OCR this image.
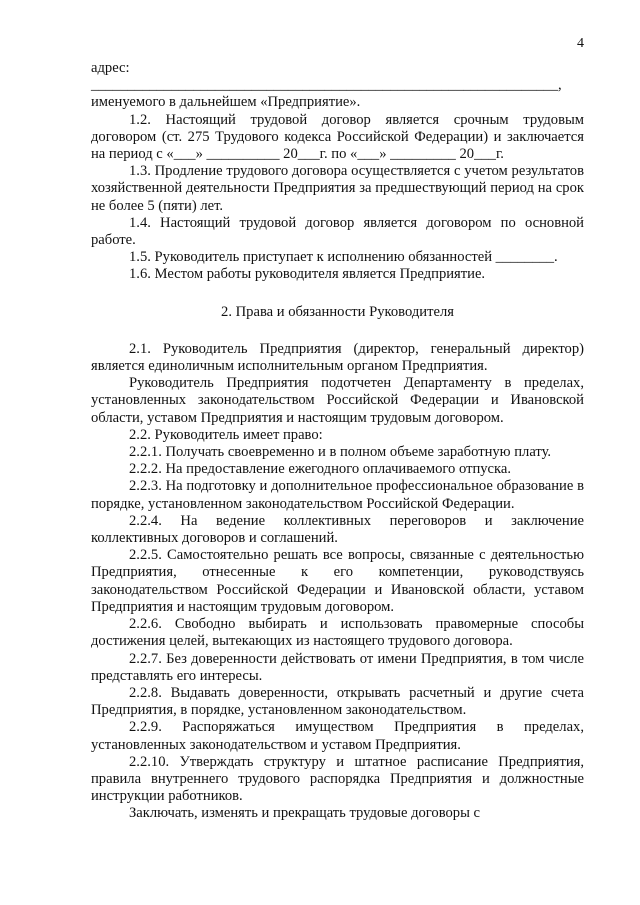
4

адрес: ________________________________________________________________,

именуемого в дальнейшем «Предприятие».

1.2. Настоящий трудовой договор является срочным трудовым договором (ст. 275 Трудового кодекса Российской Федерации) и заключается на период с «___» __________ 20___г. по «___» _________ 20___г.

1.3. Продление трудового договора осуществляется с учетом результатов хозяйственной деятельности Предприятия за предшествующий период на срок не более 5 (пяти) лет.

1.4. Настоящий трудовой договор является договором по основной работе.

1.5. Руководитель приступает к исполнению обязанностей ________.

1.6. Местом работы руководителя является Предприятие.

2. Права и обязанности Руководителя

2.1. Руководитель Предприятия (директор, генеральный директор) является единоличным исполнительным органом Предприятия.

Руководитель Предприятия подотчетен Департаменту в пределах, установленных законодательством Российской Федерации и Ивановской области, уставом Предприятия и настоящим трудовым договором.

2.2. Руководитель имеет право:

2.2.1. Получать своевременно и в полном объеме заработную плату.

2.2.2. На предоставление ежегодного оплачиваемого отпуска.

2.2.3. На подготовку и дополнительное профессиональное образование в порядке, установленном законодательством Российской Федерации.

2.2.4. На ведение коллективных переговоров и заключение коллективных договоров и соглашений.

2.2.5. Самостоятельно решать все вопросы, связанные с деятельностью Предприятия, отнесенные к его компетенции, руководствуясь законодательством Российской Федерации и Ивановской области, уставом Предприятия и настоящим трудовым договором.

2.2.6. Свободно выбирать и использовать правомерные способы достижения целей, вытекающих из настоящего трудового договора.

2.2.7. Без доверенности действовать от имени Предприятия, в том числе представлять его интересы.

2.2.8. Выдавать доверенности, открывать расчетный и другие счета Предприятия, в порядке, установленном законодательством.

2.2.9. Распоряжаться имуществом Предприятия в пределах, установленных законодательством и уставом Предприятия.

2.2.10. Утверждать структуру и штатное расписание Предприятия, правила внутреннего трудового распорядка Предприятия и должностные инструкции работников.

Заключать, изменять и прекращать трудовые договоры с
